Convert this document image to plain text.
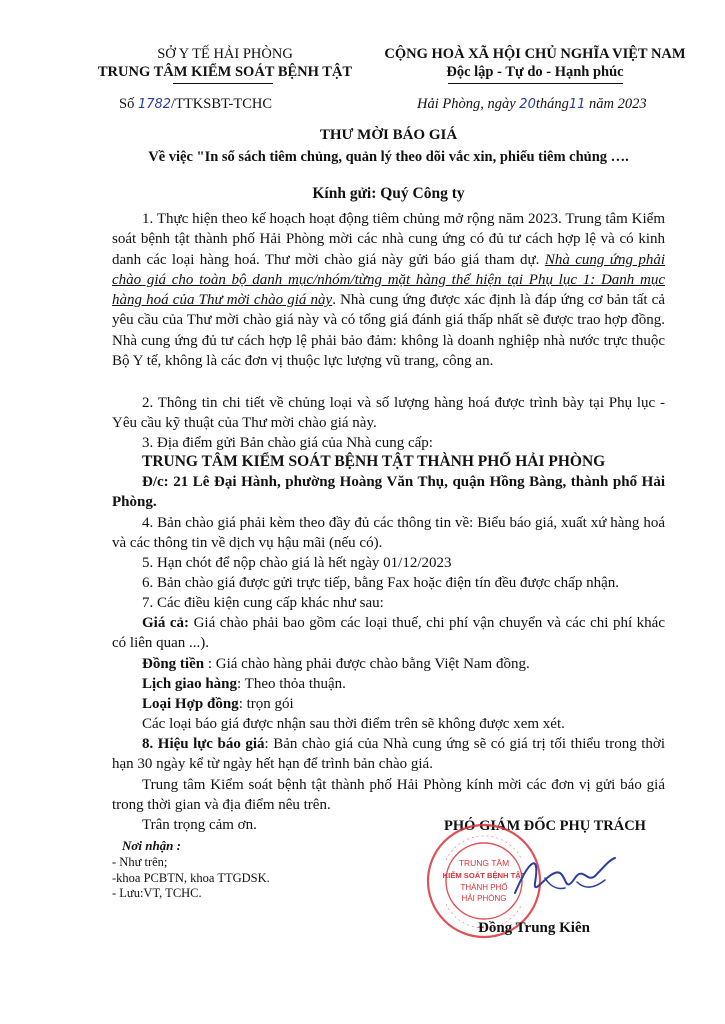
SỞ Y TẾ HẢI PHÒNG
TRUNG TÂM KIỂM SOÁT BỆNH TẬT
CỘNG HOÀ XÃ HỘI CHỦ NGHĨA VIỆT NAM
Độc lập - Tự do - Hạnh phúc
Số 1782/TTKSBT-TCHC	Hải Phòng, ngày 20tháng11 năm 2023
THƯ MỜI BÁO GIÁ
Về việc "In sổ sách tiêm chủng, quản lý theo dõi vắc xin, phiếu tiêm chủng ….
Kính gửi: Quý Công ty
1. Thực hiện theo kế hoạch hoạt động tiêm chủng mở rộng năm 2023. Trung tâm Kiểm soát bệnh tật thành phố Hải Phòng mời các nhà cung ứng có đủ tư cách hợp lệ và có kinh danh các loại hàng hoá. Thư mời chào giá này gửi báo giá tham dự. Nhà cung ứng phải chào giá cho toàn bộ danh mục/nhóm/từng mặt hàng thể hiện tại Phụ lục 1: Danh mục hàng hoá của Thư mời chào giá này. Nhà cung ứng được xác định là đáp ứng cơ bản tất cả yêu cầu của Thư mời chào giá này và có tổng giá đánh giá thấp nhất sẽ được trao hợp đồng. Nhà cung ứng đủ tư cách hợp lệ phải bảo đảm: không là doanh nghiệp nhà nước trực thuộc Bộ Y tế, không là các đơn vị thuộc lực lượng vũ trang, công an.
2. Thông tin chi tiết về chủng loại và số lượng hàng hoá được trình bày tại Phụ lục - Yêu cầu kỹ thuật của Thư mời chào giá này.
3. Địa điểm gửi Bản chào giá của Nhà cung cấp:
TRUNG TÂM KIỂM SOÁT BỆNH TẬT THÀNH PHỐ HẢI PHÒNG
Đ/c: 21 Lê Đại Hành, phường Hoàng Văn Thụ, quận Hồng Bàng, thành phố Hải Phòng.
4. Bản chào giá phải kèm theo đầy đủ các thông tin về: Biểu báo giá, xuất xứ hàng hoá và các thông tin về dịch vụ hậu mãi (nếu có).
5. Hạn chót để nộp chào giá là hết ngày 01/12/2023
6. Bản chào giá được gửi trực tiếp, bằng Fax hoặc điện tín đều được chấp nhận.
7. Các điều kiện cung cấp khác như sau:
Giá cả: Giá chào phải bao gồm các loại thuế, chi phí vận chuyển và các chi phí khác có liên quan ...).
Đồng tiền : Giá chào hàng phải được chào bằng Việt Nam đồng.
Lịch giao hàng: Theo thỏa thuận.
Loại Hợp đồng: trọn gói
Các loại báo giá được nhận sau thời điểm trên sẽ không được xem xét.
8. Hiệu lực báo giá: Bản chào giá của Nhà cung ứng sẽ có giá trị tối thiểu trong thời hạn 30 ngày kể từ ngày hết hạn để trình bản chào giá.
Trung tâm Kiểm soát bệnh tật thành phố Hải Phòng kính mời các đơn vị gửi báo giá trong thời gian và địa điểm nêu trên.
Trân trọng cảm ơn.
Nơi nhận :
- Như trên;
-khoa PCBTN, khoa TTGDSK.
- Lưu:VT, TCHC.
PHÓ GIÁM ĐỐC PHỤ TRÁCH
TRUNG TÂM
KIỂM SOÁT BỆNH TẬT
THÀNH PHỐ
HẢI PHÒNG
Đồng Trung Kiên
